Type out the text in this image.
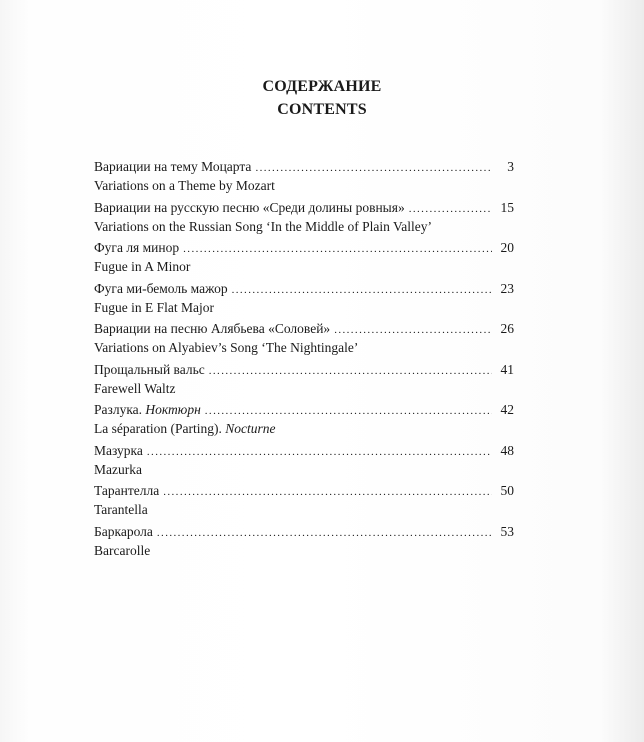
СОДЕРЖАНИЕ
CONTENTS
Вариации на тему Моцарта .....	3
Variations on a Theme by Mozart
Вариации на русскую песню «Среди долины ровныя» .....	15
Variations on the Russian Song ‘In the Middle of Plain Valley’
Фуга ля минор .....	20
Fugue in A Minor
Фуга ми-бемоль мажор .....	23
Fugue in E Flat Major
Вариации на песню Алябьева «Соловей» .....	26
Variations on Alyabiev’s Song ‘The Nightingale’
Прощальный вальс .....	41
Farewell Waltz
Разлука. Ноктюрн .....	42
La séparation (Parting). Nocturne
Мазурка .....	48
Mazurka
Тарантелла .....	50
Tarantella
Баркарола .....	53
Barcarolle
